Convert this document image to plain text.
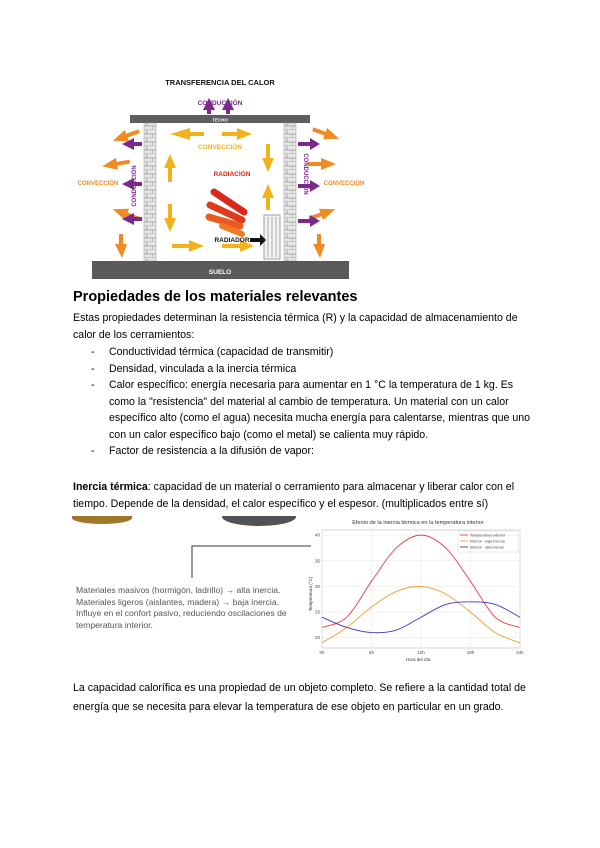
TRANSFERENCIA DEL CALOR
CONDUCCIÓN
TECHO
CONVECCIÓN
RADIACIÓN
CONVECCIÓN	CONVECCIÓN
CONDUCCIÓN	CONDUCCIÓN
RADIADOR
SUELO
Propiedades de los materiales relevantes
Estas propiedades determinan la resistencia térmica (R) y la capacidad de almacenamiento de calor de los cerramientos:
- Conductividad térmica (capacidad de transmitir)
- Densidad, vinculada a la inercia térmica
- Calor específico: energía necesaria para aumentar en 1 °C la temperatura de 1 kg. Es como la "resistencia" del material al cambio de temperatura. Un material con un calor específico alto (como el agua) necesita mucha energía para calentarse, mientras que uno con un calor específico bajo (como el metal) se calienta muy rápido.
- Factor de resistencia a la difusión de vapor:
Inercia térmica: capacidad de un material o cerramiento para almacenar y liberar calor con el tiempo. Depende de la densidad, el calor específico y el espesor. (multiplicados entre sí)
Materiales masivos (hormigón, ladrillo) → alta inercia.
Materiales ligeros (aislantes, madera) → baja inercia.
Influye en el confort pasivo, reduciendo oscilaciones de
temperatura interior.
Efecto de la inercia térmica en la temperatura interior
Temperatura (°C)
Hora del día
20
25
30
35
40
0h	6h	12h	18h	24h
Temperatura exterior
Interior - baja inercia
Interior - alta inercia
La capacidad calorífica es una propiedad de un objeto completo. Se refiere a la cantidad total de energía que se necesita para elevar la temperatura de ese objeto en particular en un grado.
